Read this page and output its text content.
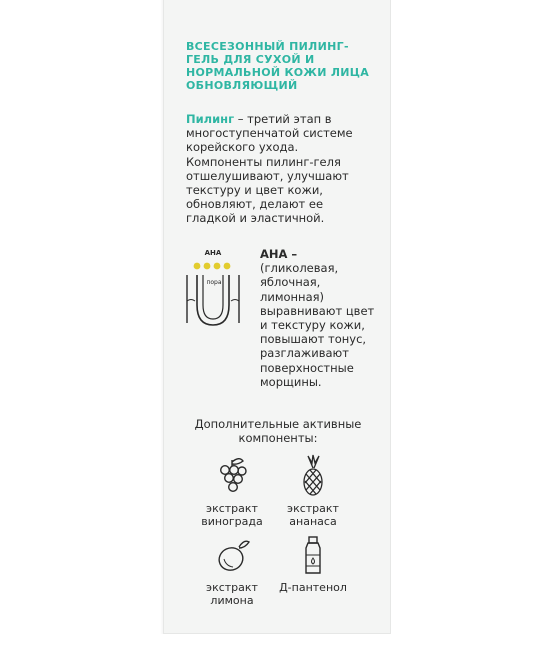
ВСЕСЕЗОННЫЙ ПИЛИНГ-
ГЕЛЬ ДЛЯ СУХОЙ И
НОРМАЛЬНОЙ КОЖИ ЛИЦА
ОБНОВЛЯЮЩИЙ
Пилинг – третий этап в
многоступенчатой системе
корейского ухода.
Компоненты пилинг-геля
отшелушивают, улучшают
текстуру и цвет кожи,
обновляют, делают ее
гладкой и эластичной.
AHA
пора
AHA –
(гликолевая,
яблочная,
лимонная)
выравнивают цвет
и текстуру кожи,
повышают тонус,
разглаживают
поверхностные
морщины.
Дополнительные активные
компоненты:
экстракт
винограда
экстракт
ананаса
экстракт
лимона
Д-пантенол
